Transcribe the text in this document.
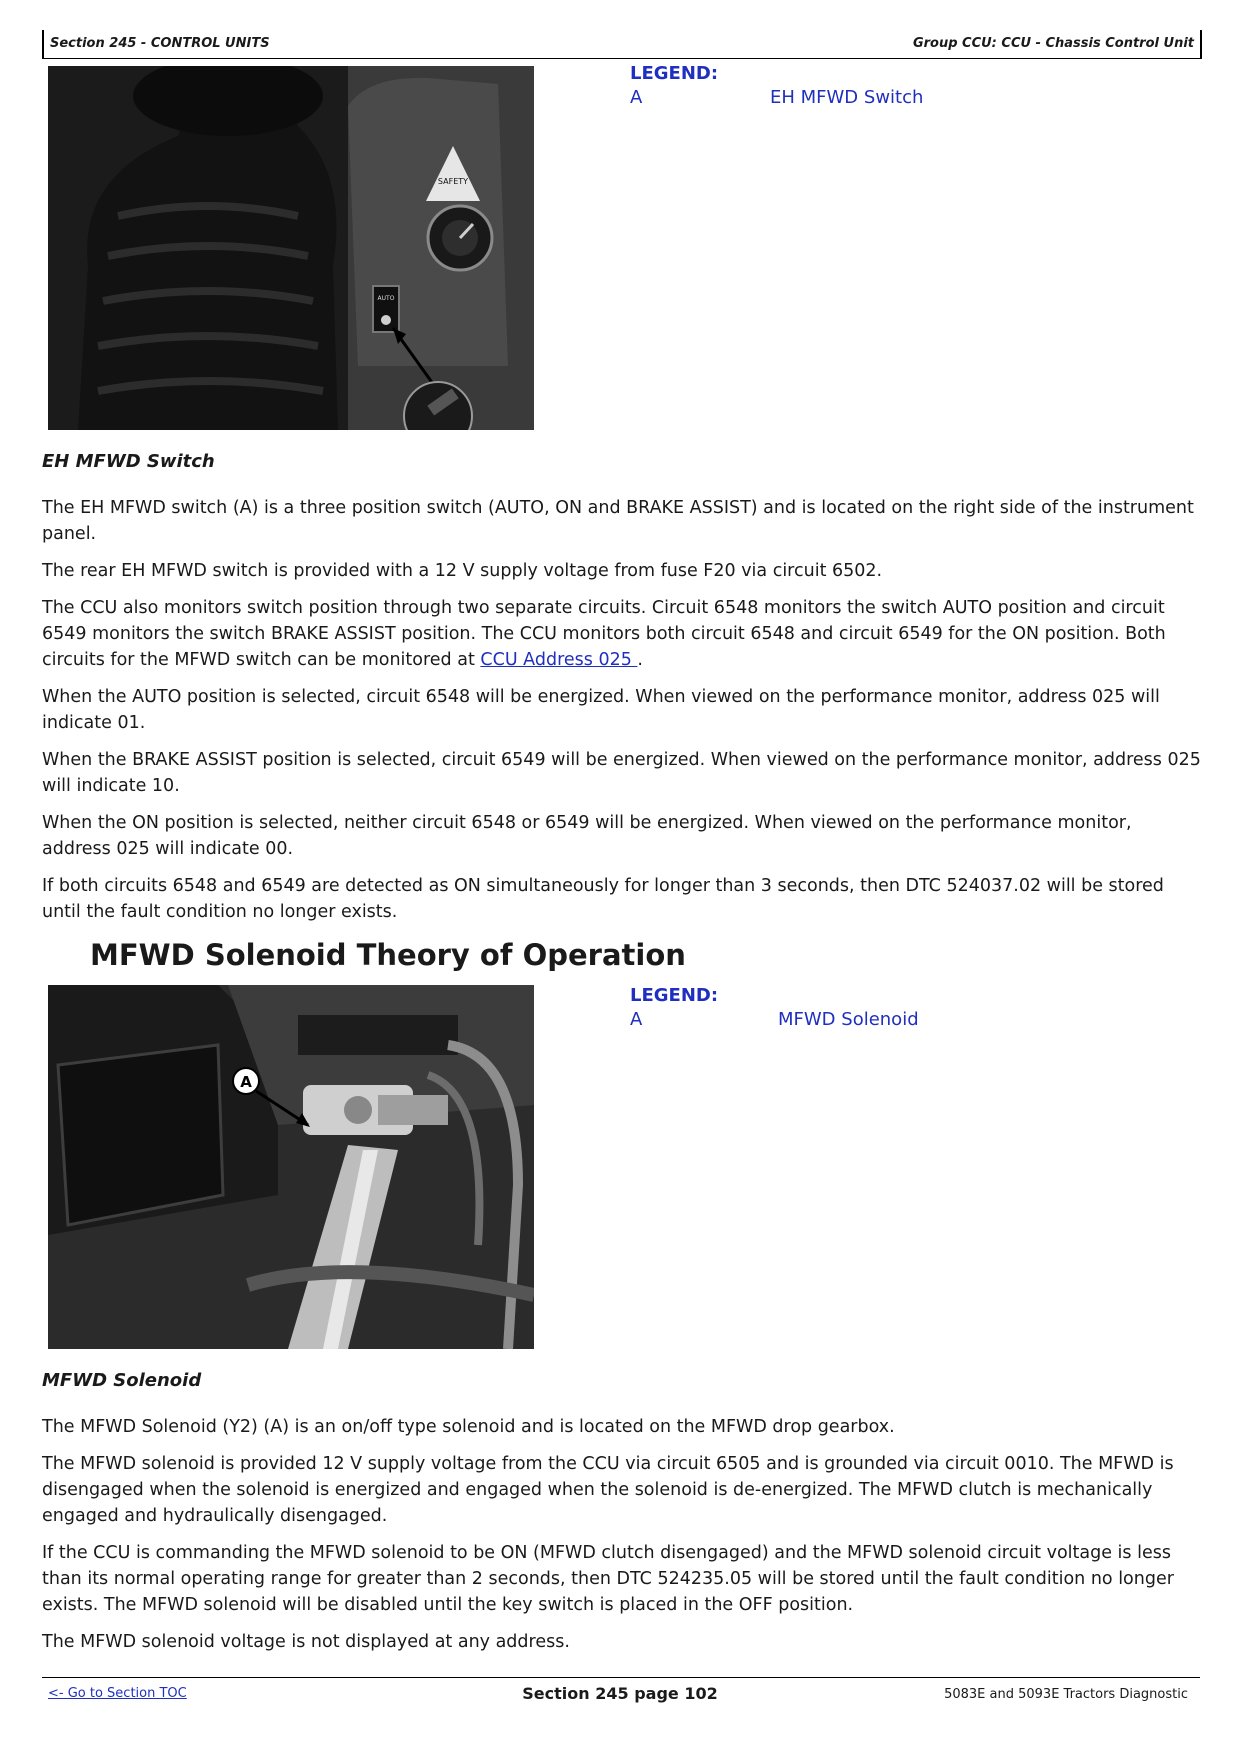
Section 245 - CONTROL UNITS	Group CCU: CCU - Chassis Control Unit
SAFETY
AUTO
LEGEND:
A	EH MFWD Switch
EH MFWD Switch

The EH MFWD switch (A) is a three position switch (AUTO, ON and BRAKE ASSIST) and is located on the right side of the instrument panel.

The rear EH MFWD switch is provided with a 12 V supply voltage from fuse F20 via circuit 6502.

The CCU also monitors switch position through two separate circuits. Circuit 6548 monitors the switch AUTO position and circuit 6549 monitors the switch BRAKE ASSIST position. The CCU monitors both circuit 6548 and circuit 6549 for the ON position. Both circuits for the MFWD switch can be monitored at CCU Address 025 .

When the AUTO position is selected, circuit 6548 will be energized. When viewed on the performance monitor, address 025 will indicate 01.

When the BRAKE ASSIST position is selected, circuit 6549 will be energized. When viewed on the performance monitor, address 025 will indicate 10.

When the ON position is selected, neither circuit 6548 or 6549 will be energized. When viewed on the performance monitor, address 025 will indicate 00.

If both circuits 6548 and 6549 are detected as ON simultaneously for longer than 3 seconds, then DTC 524037.02 will be stored until the fault condition no longer exists.

MFWD Solenoid Theory of Operation
A
LEGEND:
A	MFWD Solenoid
MFWD Solenoid

The MFWD Solenoid (Y2) (A) is an on/off type solenoid and is located on the MFWD drop gearbox.

The MFWD solenoid is provided 12 V supply voltage from the CCU via circuit 6505 and is grounded via circuit 0010. The MFWD is disengaged when the solenoid is energized and engaged when the solenoid is de-energized. The MFWD clutch is mechanically engaged and hydraulically disengaged.

If the CCU is commanding the MFWD solenoid to be ON (MFWD clutch disengaged) and the MFWD solenoid circuit voltage is less than its normal operating range for greater than 2 seconds, then DTC 524235.05 will be stored until the fault condition no longer exists. The MFWD solenoid will be disabled until the key switch is placed in the OFF position.

The MFWD solenoid voltage is not displayed at any address.

<- Go to Section TOC	Section 245 page 102	5083E and 5093E Tractors Diagnostic
